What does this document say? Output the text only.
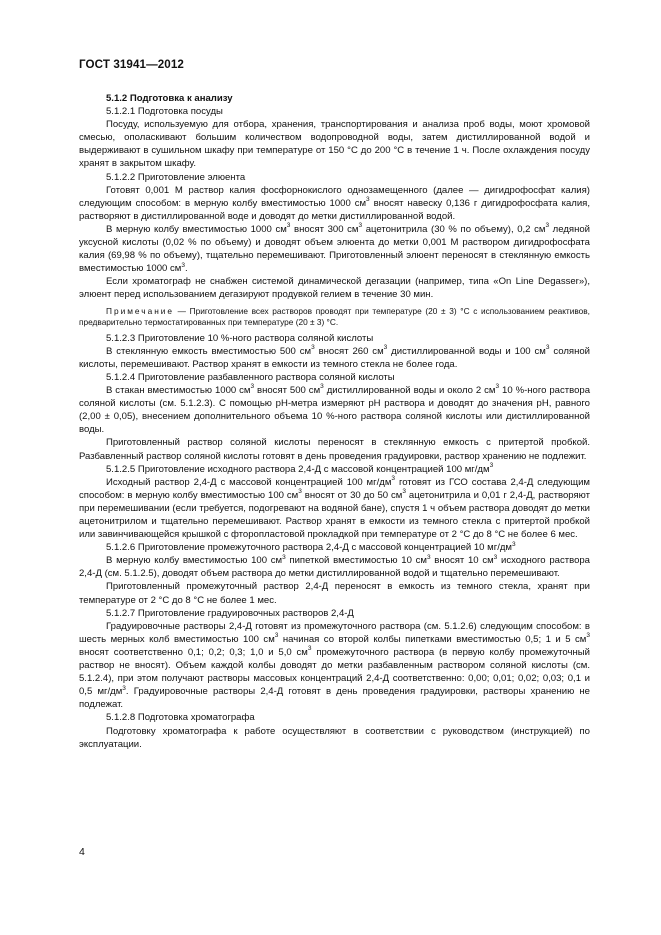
ГОСТ 31941—2012

5.1.2 Подготовка к анализу

5.1.2.1 Подготовка посуды

Посуду, используемую для отбора, хранения, транспортирования и анализа проб воды, моют хромовой смесью, ополаскивают большим количеством водопроводной воды, затем дистиллированной водой и выдерживают в сушильном шкафу при температуре от 150 °С до 200 °С в течение 1 ч. После охлаждения посуду хранят в закрытом шкафу.

5.1.2.2 Приготовление элюента

Готовят 0,001 М раствор калия фосфорнокислого однозамещенного (далее — дигидрофосфат калия) следующим способом: в мерную колбу вместимостью 1000 $см^3$ вносят навеску 0,136 г дигидрофосфата калия, растворяют в дистиллированной воде и доводят до метки дистиллированной водой.

В мерную колбу вместимостью 1000 $см^3$ вносят 300 $см^3$ ацетонитрила (30 % по объему), 0,2 $см^3$ ледяной уксусной кислоты (0,02 % по объему) и доводят объем элюента до метки 0,001 М раствором дигидрофосфата калия (69,98 % по объему), тщательно перемешивают. Приготовленный элюент переносят в стеклянную емкость вместимостью 1000 $см^3$.

Если хроматограф не снабжен системой динамической дегазации (например, типа «On Line Degasser»), элюент перед использованием дегазируют продувкой гелием в течение 30 мин.

Примечание — Приготовление всех растворов проводят при температуре (20 ± 3) °С с использованием реактивов, предварительно термостатированных при температуре (20 ± 3) °С.

5.1.2.3 Приготовление 10 %-ного раствора соляной кислоты

В стеклянную емкость вместимостью 500 $см^3$ вносят 260 $см^3$ дистиллированной воды и 100 $см^3$ соляной кислоты, перемешивают. Раствор хранят в емкости из темного стекла не более года.

5.1.2.4 Приготовление разбавленного раствора соляной кислоты

В стакан вместимостью 1000 $см^3$ вносят 500 $см^3$ дистиллированной воды и около 2 $см^3$ 10 %-ного раствора соляной кислоты (см. 5.1.2.3). С помощью рН-метра измеряют рН раствора и доводят до значения рН, равного (2,00 ± 0,05), внесением дополнительного объема 10 %-ного раствора соляной кислоты или дистиллированной воды.

Приготовленный раствор соляной кислоты переносят в стеклянную емкость с притертой пробкой. Разбавленный раствор соляной кислоты готовят в день проведения градуировки, раствор хранению не подлежит.

5.1.2.5 Приготовление исходного раствора 2,4-Д с массовой концентрацией 100 $мг/дм^3$

Исходный раствор 2,4-Д с массовой концентрацией 100 $мг/дм^3$ готовят из ГСО состава 2,4-Д следующим способом: в мерную колбу вместимостью 100 $см^3$ вносят от 30 до 50 $см^3$ ацетонитрила и 0,01 г 2,4-Д, растворяют при перемешивании (если требуется, подогревают на водяной бане), спустя 1 ч объем раствора доводят до метки ацетонитрилом и тщательно перемешивают. Раствор хранят в емкости из темного стекла с притертой пробкой или завинчивающейся крышкой с фторопластовой прокладкой при температуре от 2 °С до 8 °С не более 6 мес.

5.1.2.6 Приготовление промежуточного раствора 2,4-Д с массовой концентрацией 10 $мг/дм^3$

В мерную колбу вместимостью 100 $см^3$ пипеткой вместимостью 10 $см^3$ вносят 10 $см^3$ исходного раствора 2,4-Д (см. 5.1.2.5), доводят объем раствора до метки дистиллированной водой и тщательно перемешивают.

Приготовленный промежуточный раствор 2,4-Д переносят в емкость из темного стекла, хранят при температуре от 2 °С до 8 °С не более 1 мес.

5.1.2.7 Приготовление градуировочных растворов 2,4-Д

Градуировочные растворы 2,4-Д готовят из промежуточного раствора (см. 5.1.2.6) следующим способом: в шесть мерных колб вместимостью 100 $см^3$ начиная со второй колбы пипетками вместимостью 0,5; 1 и 5 $см^3$ вносят соответственно 0,1; 0,2; 0,3; 1,0 и 5,0 $см^3$ промежуточного раствора (в первую колбу промежуточный раствор не вносят). Объем каждой колбы доводят до метки разбавленным раствором соляной кислоты (см. 5.1.2.4), при этом получают растворы массовых концентраций 2,4-Д соответственно: 0,00; 0,01; 0,02; 0,03; 0,1 и 0,5 $мг/дм^3$. Градуировочные растворы 2,4-Д готовят в день проведения градуировки, растворы хранению не подлежат.

5.1.2.8 Подготовка хроматографа

Подготовку хроматографа к работе осуществляют в соответствии с руководством (инструкцией) по эксплуатации.

4
